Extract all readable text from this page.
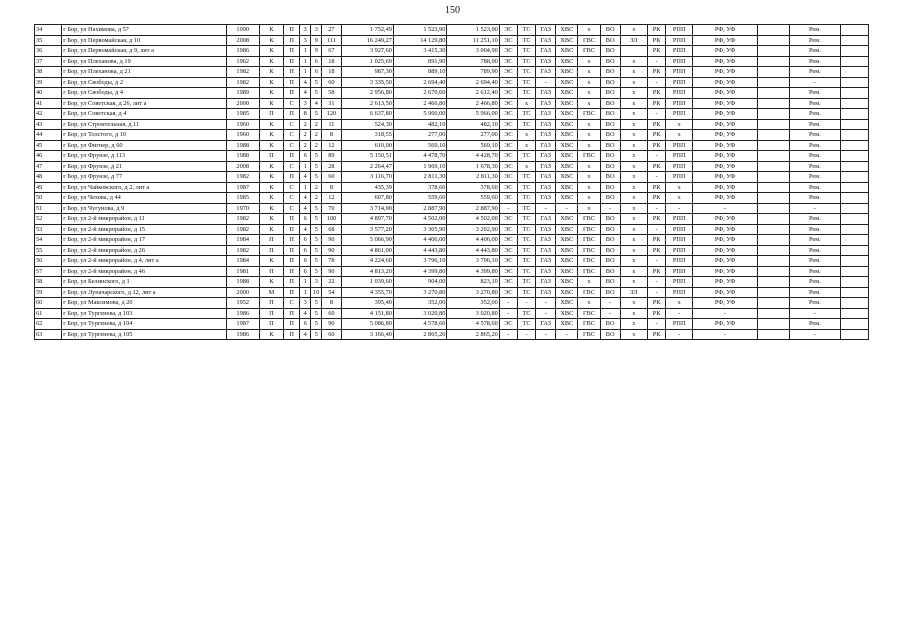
150
34	г Бор, ул Нахимова, д 57	1990	К	П	3	3	27	1 752,49	1 523,90	1 523,90	ЭС	ТС	ГАЗ	ХВС	х	ВО	х	РК	РПП	РФ, УФ		Рем.	
35	г Бор, ул Первомайская, д 10	2008	К	П	3	9	111	16 249,27	14 129,80	11 251,10	ЭС	ТС	ГАЗ	ХВС	ГВС	ВО	ЗЛ	РК	РПП	РФ, УФ		Рем.	
36	г Бор, ул Первомайская, д 9, лит а	1986	К	П	1	9	67	3 927,60	3 415,30	3 004,90	ЭС	ТС	ГАЗ	ХВС	ГВС	ВО		РК	РПП	РФ, УФ		Рем.	
37	г Бор, ул Плеханова, д 19	1962	К	П	1	6	18	1 025,69	891,90	788,90	ЭС	ТС	ГАЗ	ХВС	х	ВО	х	-	РПП	РФ, УФ		Рем.	
38	г Бор, ул Плеханова, д 21	1982	К	П	1	6	18	987,30	889,10	789,90	ЭС	ТС	ГАЗ	ХВС	х	ВО	х	РК	РПП	РФ, УФ		Рем.	
39	г Бор, ул Свободы, д 2	1982	К	П	4	5	60	3 335,50	2 694,40	2 694,40	ЭС	ТС	-	ХВС	х	ВО	х	-	РПП	РФ, УФ		-	
40	г Бор, ул Свободы, д 4	1989	К	П	4	5	58	2 956,80	2 670,60	2 612,40	ЭС	ТС	ГАЗ	ХВС	х	ВО	х	РК	РПП	РФ, УФ		Рем.	
41	г Бор, ул Советская, д 26, лит а	2000	К	С	3	4	31	2 613,50	2 466,80	2 466,80	ЭС	х	ГАЗ	ХВС	х	ВО	х	РК	РПП	РФ, УФ		Рем.	
42	г Бор, ул Советская, д 4	1985	П	П	8	5	120	6 637,80	5 966,00	5 966,00	ЭС	ТС	ГАЗ	ХВС	ГВС	ВО	х	-	РПП	РФ, УФ		Рем.	
43	г Бор, ул Строительная, д 11	1960	К	С	2	2	11	524,30	482,10	482,10	ЭС	ТС	ГАЗ	ХВС	х	ВО	х	РК	х	РФ, УФ		Рем.	
44	г Бор, ул Толстого, д 10	1960	К	С	2	2	8	318,55	277,00	277,00	ЭС	х	ГАЗ	ХВС	х	ВО	х	РК	х	РФ, УФ		Рем.	
45	г Бор, ул Фигнер, д 60	1988	К	С	2	2	12	610,00	569,10	569,10	ЭС	х	ГАЗ	ХВС	х	ВО	х	РК	РПП	РФ, УФ		Рем.	
46	г Бор, ул Фрунзе, д 113	1988	П	П	6	5	89	5 150,51	4 478,70	4 428,70	ЭС	ТС	ГАЗ	ХВС	ГВС	ВО	х	-	РПП	РФ, УФ		Рем.	
47	г Бор, ул Фрунзе, д 21	2008	К	С	1	5	28	2 264,47	1 969,10	1 678,30	ЭС	х	ГАЗ	ХВС	х	ВО	х	РК	РПП	РФ, УФ		Рем.	
48	г Бор, ул Фрунзе, д 77	1982	К	П	4	5	60	3 116,70	2 811,30	2 811,30	ЭС	ТС	ГАЗ	ХВС	х	ВО	х	-	РПП	РФ, УФ		Рем.	
49	г Бор, ул Чайковского, д 2, лит а	1987	К	С	1	2	8	435,39	378,60	378,60	ЭС	ТС	ГАЗ	ХВС	х	ВО	х	РК	х	РФ, УФ		Рем.	
50	г Бор, ул Чехова, д 44	1985	К	С	4	2	12	607,80	559,60	559,60	ЭС	ТС	ГАЗ	ХВС	х	ВО	х	РК	х	РФ, УФ		Рем.	
51	г Бор, ул Чугунова, д 9	1970	К	С	4	5	70	3 714,90	2 887,90	2 887,90	-	ТС	-	-	х	-	х	-	-	-		-	
52	г Бор, ул 2-й микрорайон, д 11	1982	К	П	6	5	100	4 897,70	4 502,00	4 502,00	ЭС	ТС	ГАЗ	ХВС	ГВС	ВО	х	РК	РПП	РФ, УФ		Рем.	
53	г Бор, ул 2-й микрорайон, д 15	1982	К	П	4	5	68	3 577,20	3 305,90	3 202,90	ЭС	ТС	ГАЗ	ХВС	ГВС	ВО	х	-	РПП	РФ, УФ		Рем.	
54	г Бор, ул 2-й микрорайон, д 17	1984	П	П	6	5	90	5 066,90	4 406,00	4 406,00	ЭС	ТС	ГАЗ	ХВС	ГВС	ВО	х	РК	РПП	РФ, УФ		Рем.	
55	г Бор, ул 2-й микрорайон, д 26	1982	П	П	6	5	90	4 861,00	4 443,80	4 443,80	ЭС	ТС	ГАЗ	ХВС	ГВС	ВО	х	РК	РПП	РФ, УФ		Рем.	
56	г Бор, ул 2-й микрорайон, д 4, лит а	1984	К	П	6	5	78	4 224,60	3 796,10	3 796,10	ЭС	ТС	ГАЗ	ХВС	ГВС	ВО	х	-	РПП	РФ, УФ		Рем.	
57	г Бор, ул 2-й микрорайон, д 46	1981	П	П	6	5	90	4 813,20	4 399,80	4 399,80	ЭС	ТС	ГАЗ	ХВС	ГВС	ВО	х	РК	РПП	РФ, УФ		Рем.	
58	г Бор, ул Белинского, д 1	1988	К	П	1	3	22	1 039,60	904,00	823,10	ЭС	ТС	ГАЗ	ХВС	х	ВО	х	-	РПП	РФ, УФ		Рем.	
59	г Бор, ул Луначарского, д 12, лит а	2000	М	П	1	10	54	4 355,70	3 270,80	3 270,80	ЭС	ТС	ГАЗ	ХВС	ГВС	ВО	ЗЛ	-	РПП	РФ, УФ		Рем.	
60	г Бор, ул Максимова, д 20	1952	П	С	3	5	8	395,40	352,00	352,00	-	-	-	ХВС	х	-	х	РК	х	РФ, УФ		Рем.	
61	г Бор, ул Тургенева, д 103	1986	П	П	4	5	60	4 151,80	3 020,80	3 020,80	-	ТС	-	ХВС	ГВС	-	х	РК	-	-		-	
62	г Бор, ул Тургенева, д 104	1987	П	П	6	5	90	5 086,80	4 578,60	4 578,60	ЭС	ТС	ГАЗ	ХВС	ГВС	ВО	х	-	РПП	РФ, УФ		Рем.	
63	г Бор, ул Тургенева, д 105	1986	К	П	4	5	60	3 166,40	2 865,20	2 865,20	-	-	-	-	ГВС	ВО	х	РК	-	-		-	
